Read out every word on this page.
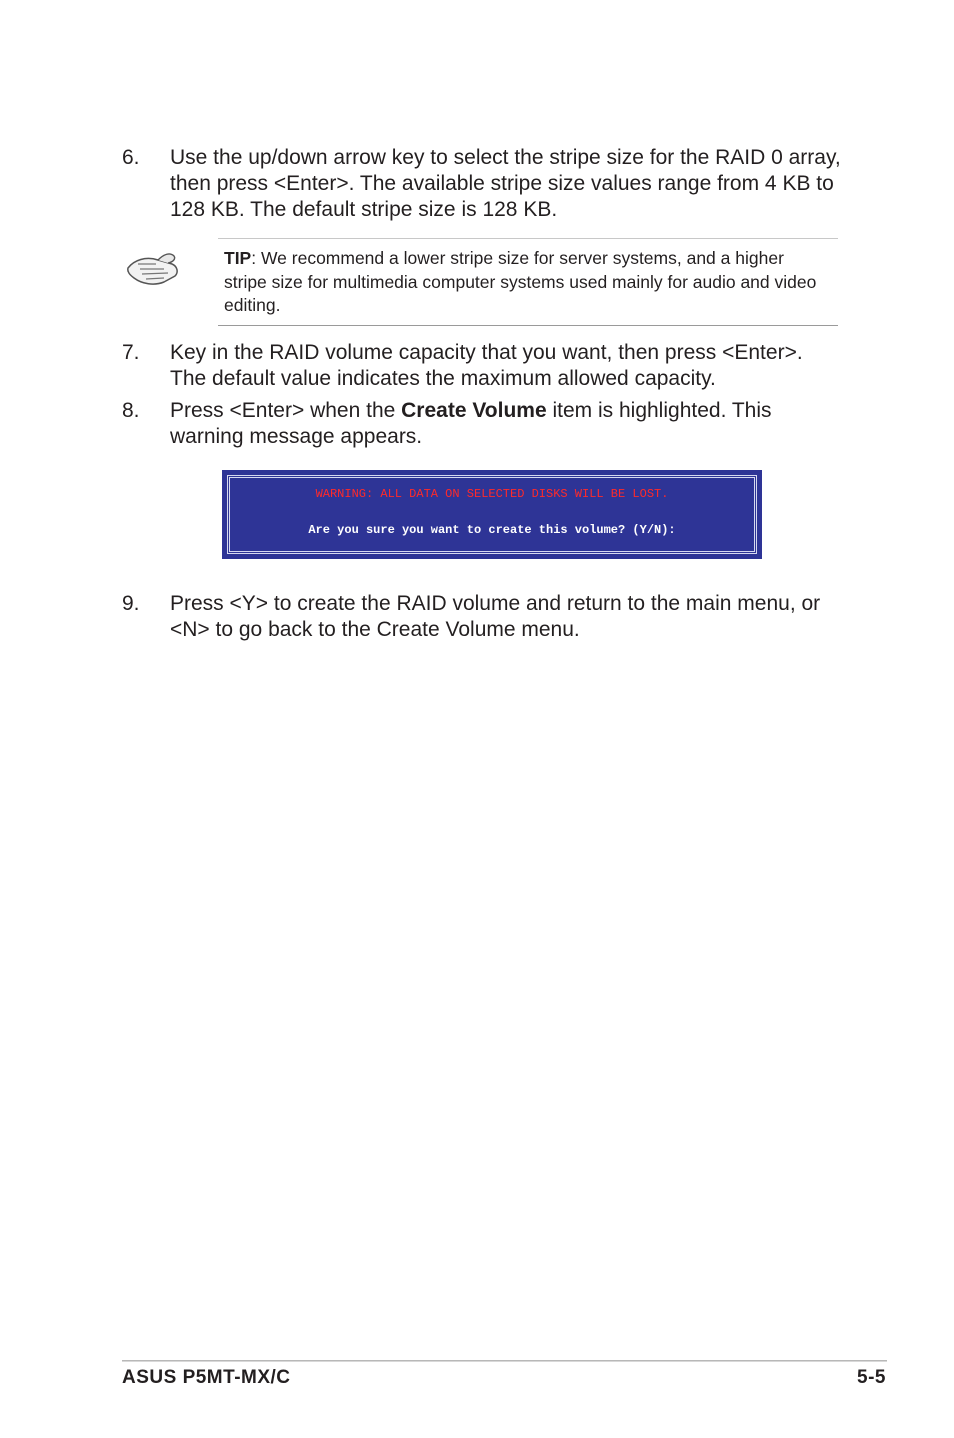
6.	Use the up/down arrow key to select the stripe size for the RAID 0 array, then press <Enter>. The available stripe size values range from 4 KB to 128 KB. The default stripe size is 128 KB.
TIP: We recommend a lower stripe size for server systems, and a higher stripe size for multimedia computer systems used mainly for audio and video editing.
7.	Key in the RAID volume capacity that you want, then press <Enter>. The default value indicates the maximum allowed capacity.
8.	Press <Enter> when the Create Volume item is highlighted. This warning message appears.
WARNING: ALL DATA ON SELECTED DISKS WILL BE LOST.
Are you sure you want to create this volume? (Y/N):
9.	Press <Y> to create the RAID volume and return to the main menu, or <N> to go back to the Create Volume menu.
ASUS P5MT-MX/C	5-5
